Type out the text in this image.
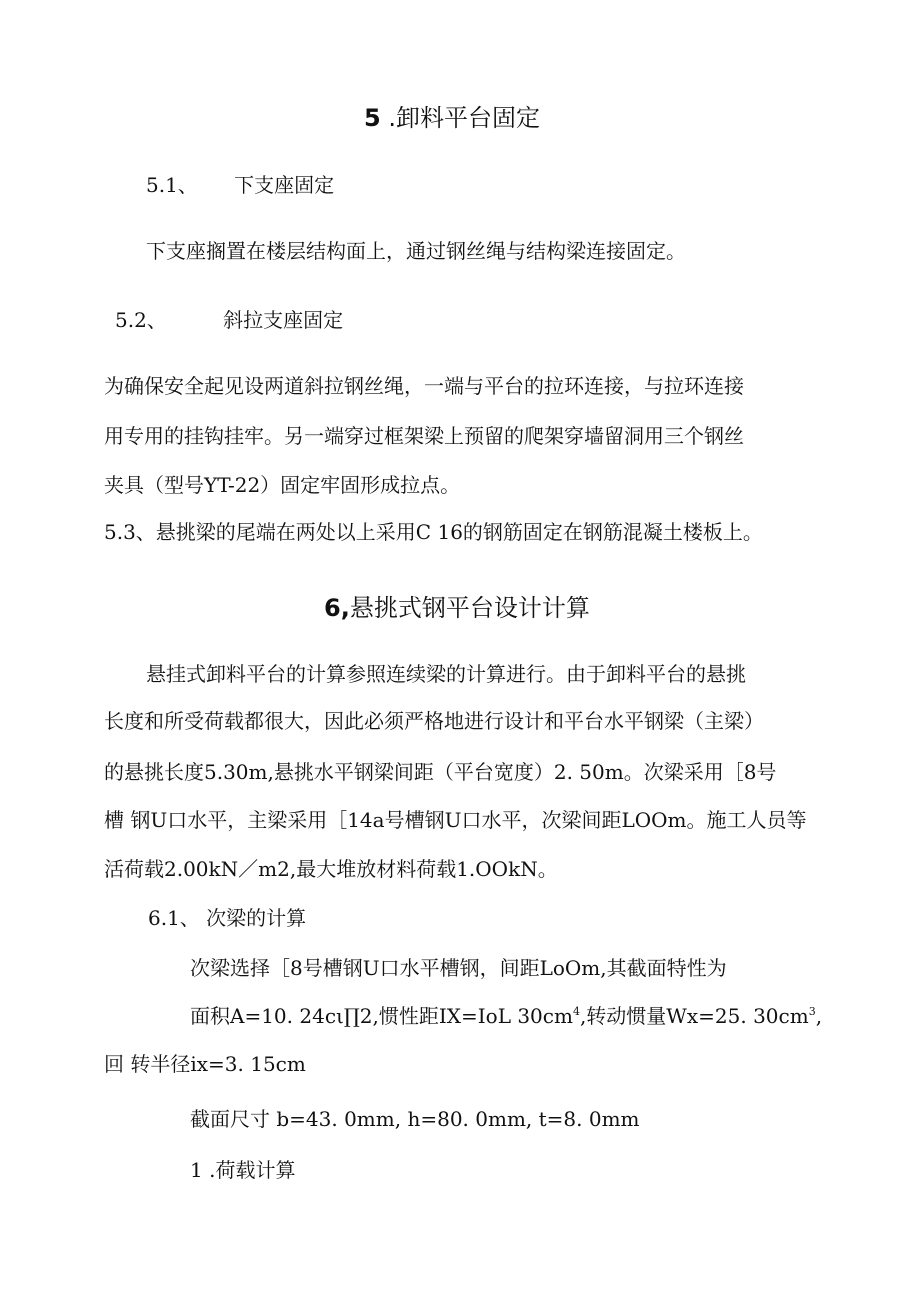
5 .卸料平台固定
5.1、 下支座固定
下支座搁置在楼层结构面上，通过钢丝绳与结构梁连接固定。
5.2、	斜拉支座固定
为确保安全起见设两道斜拉钢丝绳，一端与平台的拉环连接，与拉环连接
用专用的挂钩挂牢。另一端穿过框架梁上预留的爬架穿墙留洞用三个钢丝
夹具（型号YT-22）固定牢固形成拉点。
5.3、悬挑梁的尾端在两处以上采用C 16的钢筋固定在钢筋混凝土楼板上。
6,悬挑式钢平台设计计算
悬挂式卸料平台的计算参照连续梁的计算进行。由于卸料平台的悬挑
长度和所受荷载都很大，因此必须严格地进行设计和平台水平钢梁（主梁）
的悬挑长度5.30m,悬挑水平钢梁间距（平台宽度）2. 50m。次梁采用［8号
槽 钢U口水平，主梁采用［14a号槽钢U口水平，次梁间距LOOm。施工人员等
活荷载2.00kN／m2,最大堆放材料荷载1.OOkN。
6.1、 次梁的计算
次梁选择［8号槽钢U口水平槽钢，间距LoOm,其截面特性为
面积A=10. 24cι∏2,惯性距IX=IoL $30cm^4$,转动惯量Wx=25. $30cm^3$,
回 转半径ix=3. 15cm
截面尺寸 b=43. 0mm, h=80. 0mm, t=8. 0mm
1 .荷载计算
